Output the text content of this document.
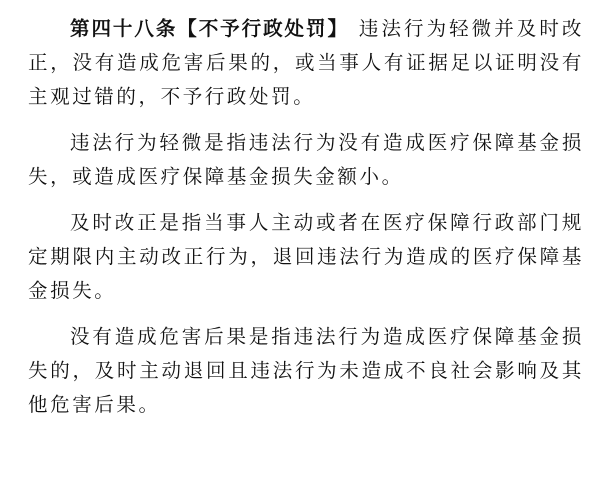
第四十八条【不予行政处罚】 违法行为轻微并及时改正，没有造成危害后果的，或当事人有证据足以证明没有主观过错的，不予行政处罚。

违法行为轻微是指违法行为没有造成医疗保障基金损失，或造成医疗保障基金损失金额小。

及时改正是指当事人主动或者在医疗保障行政部门规定期限内主动改正行为，退回违法行为造成的医疗保障基金损失。

没有造成危害后果是指违法行为造成医疗保障基金损失的，及时主动退回且违法行为未造成不良社会影响及其他危害后果。
